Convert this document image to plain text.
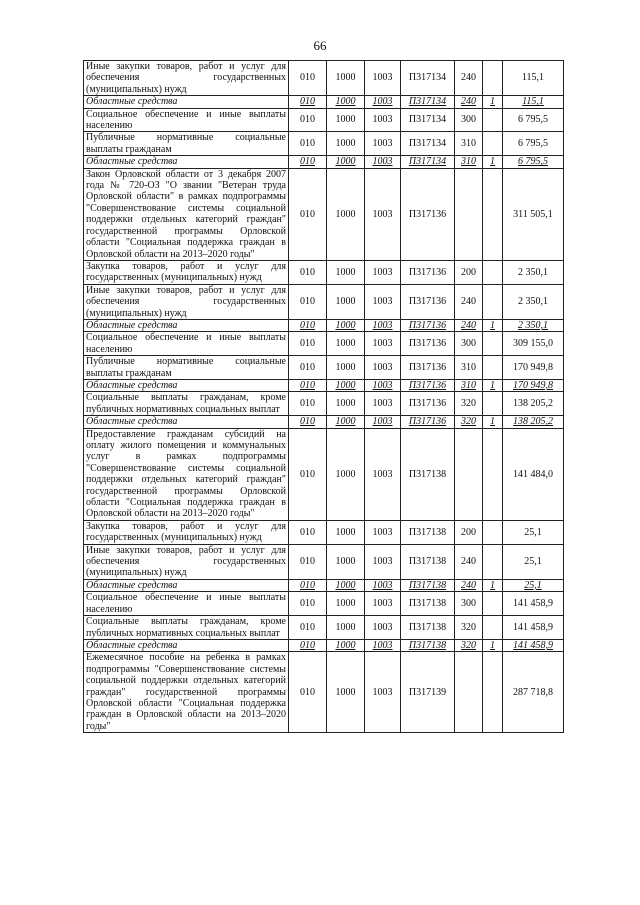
66
Иные закупки товаров, работ и услуг для обеспечения государственных (муниципальных) нужд	010	1000	1003	П317134	240		115,1
Областные средства	010	1000	1003	П317134	240	1	115,1
Социальное обеспечение и иные выплаты населению	010	1000	1003	П317134	300		6 795,5
Публичные нормативные социальные выплаты гражданам	010	1000	1003	П317134	310		6 795,5
Областные средства	010	1000	1003	П317134	310	1	6 795,5
Закон Орловской области от 3 декабря 2007 года № 720-ОЗ "О звании "Ветеран труда Орловской области" в рамках подпрограммы "Совершенствование системы социальной поддержки отдельных категорий граждан" государственной программы Орловской области "Социальная поддержка граждан в Орловской области на 2013–2020 годы"	010	1000	1003	П317136			311 505,1
Закупка товаров, работ и услуг для государственных (муниципальных) нужд	010	1000	1003	П317136	200		2 350,1
Иные закупки товаров, работ и услуг для обеспечения государственных (муниципальных) нужд	010	1000	1003	П317136	240		2 350,1
Областные средства	010	1000	1003	П317136	240	1	2 350,1
Социальное обеспечение и иные выплаты населению	010	1000	1003	П317136	300		309 155,0
Публичные нормативные социальные выплаты гражданам	010	1000	1003	П317136	310		170 949,8
Областные средства	010	1000	1003	П317136	310	1	170 949,8
Социальные выплаты гражданам, кроме публичных нормативных социальных выплат	010	1000	1003	П317136	320		138 205,2
Областные средства	010	1000	1003	П317136	320	1	138 205,2
Предоставление гражданам субсидий на оплату жилого помещения и коммунальных услуг в рамках подпрограммы "Совершенствование системы социальной поддержки отдельных категорий граждан" государственной программы Орловской области "Социальная поддержка граждан в Орловской области на 2013–2020 годы"	010	1000	1003	П317138			141 484,0
Закупка товаров, работ и услуг для государственных (муниципальных) нужд	010	1000	1003	П317138	200		25,1
Иные закупки товаров, работ и услуг для обеспечения государственных (муниципальных) нужд	010	1000	1003	П317138	240		25,1
Областные средства	010	1000	1003	П317138	240	1	25,1
Социальное обеспечение и иные выплаты населению	010	1000	1003	П317138	300		141 458,9
Социальные выплаты гражданам, кроме публичных нормативных социальных выплат	010	1000	1003	П317138	320		141 458,9
Областные средства	010	1000	1003	П317138	320	1	141 458,9
Ежемесячное пособие на ребенка в рамках подпрограммы "Совершенствование системы социальной поддержки отдельных категорий граждан" государственной программы Орловской области "Социальная поддержка граждан в Орловской области на 2013–2020 годы"	010	1000	1003	П317139			287 718,8
